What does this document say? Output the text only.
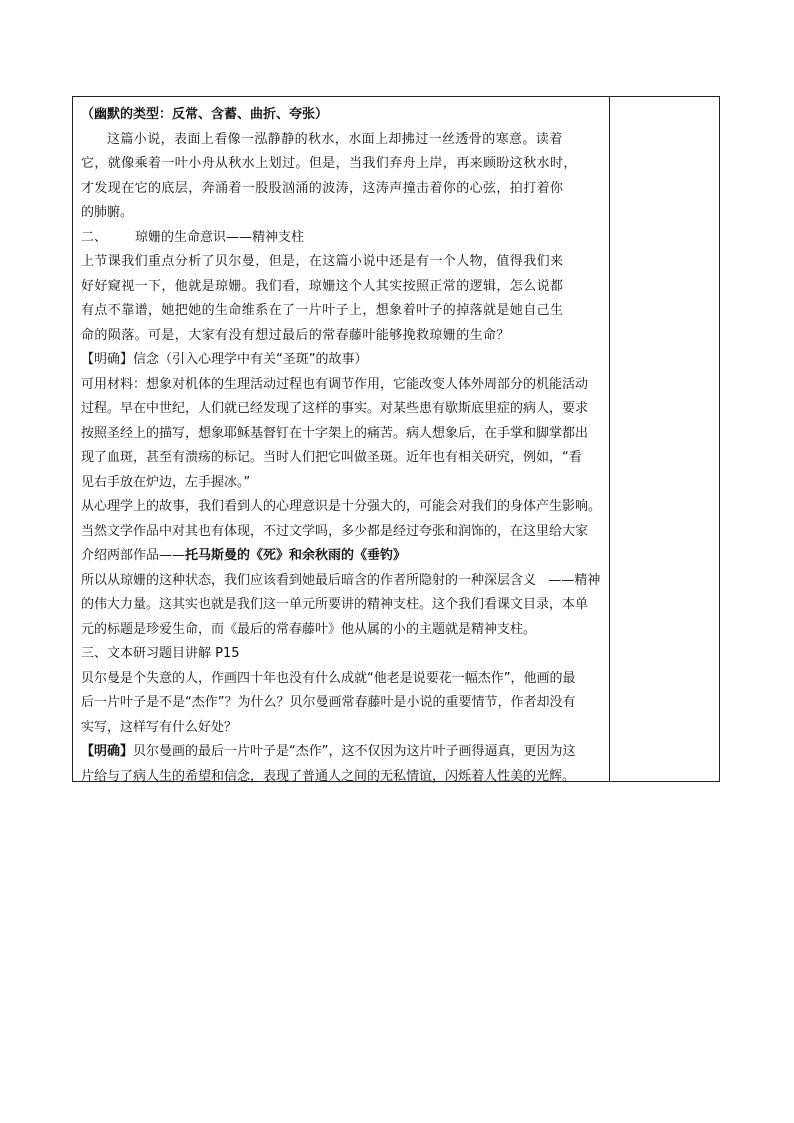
（幽默的类型：反常、含蓄、曲折、夸张）
这篇小说，表面上看像一泓静静的秋水，水面上却拂过一丝透骨的寒意。读着
它，就像乘着一叶小舟从秋水上划过。但是，当我们弃舟上岸，再来顾盼这秋水时，
才发现在它的底层，奔涌着一股股汹涌的波涛，这涛声撞击着你的心弦，拍打着你
的肺腑。
二、 琼姗的生命意识——精神支柱
上节课我们重点分析了贝尔曼，但是，在这篇小说中还是有一个人物，值得我们来
好好窥视一下，他就是琼姗。我们看，琼姗这个人其实按照正常的逻辑，怎么说都
有点不靠谱，她把她的生命维系在了一片叶子上，想象着叶子的掉落就是她自己生
命的陨落。可是，大家有没有想过最后的常春藤叶能够挽救琼姗的生命？
【明确】信念（引入心理学中有关“圣斑”的故事）
可用材料：想象对机体的生理活动过程也有调节作用，它能改变人体外周部分的机能活动
过程。早在中世纪，人们就已经发现了这样的事实。对某些患有歇斯底里症的病人，要求
按照圣经上的描写，想象耶稣基督钉在十字架上的痛苦。病人想象后，在手掌和脚掌都出
现了血斑，甚至有溃疡的标记。当时人们把它叫做圣斑。近年也有相关研究，例如，“看
见右手放在炉边，左手握冰。”
从心理学上的故事，我们看到人的心理意识是十分强大的，可能会对我们的身体产生影响。
当然文学作品中对其也有体现，不过文学吗，多少都是经过夸张和润饰的，在这里给大家
介绍两部作品——托马斯曼的《死》和余秋雨的《垂钓》
所以从琼姗的这种状态，我们应该看到她最后暗含的作者所隐射的一种深层含义 ——精神
的伟大力量。这其实也就是我们这一单元所要讲的精神支柱。这个我们看课文目录，本单
元的标题是珍爱生命，而《最后的常春藤叶》他从属的小的主题就是精神支柱。
三、文本研习题目讲解 P15
贝尔曼是个失意的人，作画四十年也没有什么成就“他老是说要花一幅杰作”，他画的最
后一片叶子是不是“杰作”？为什么？贝尔曼画常春藤叶是小说的重要情节，作者却没有
实写，这样写有什么好处？
【明确】贝尔曼画的最后一片叶子是“杰作”，这不仅因为这片叶子画得逼真，更因为这
片给与了病人生的希望和信念，表现了普通人之间的无私情谊，闪烁着人性美的光辉。
